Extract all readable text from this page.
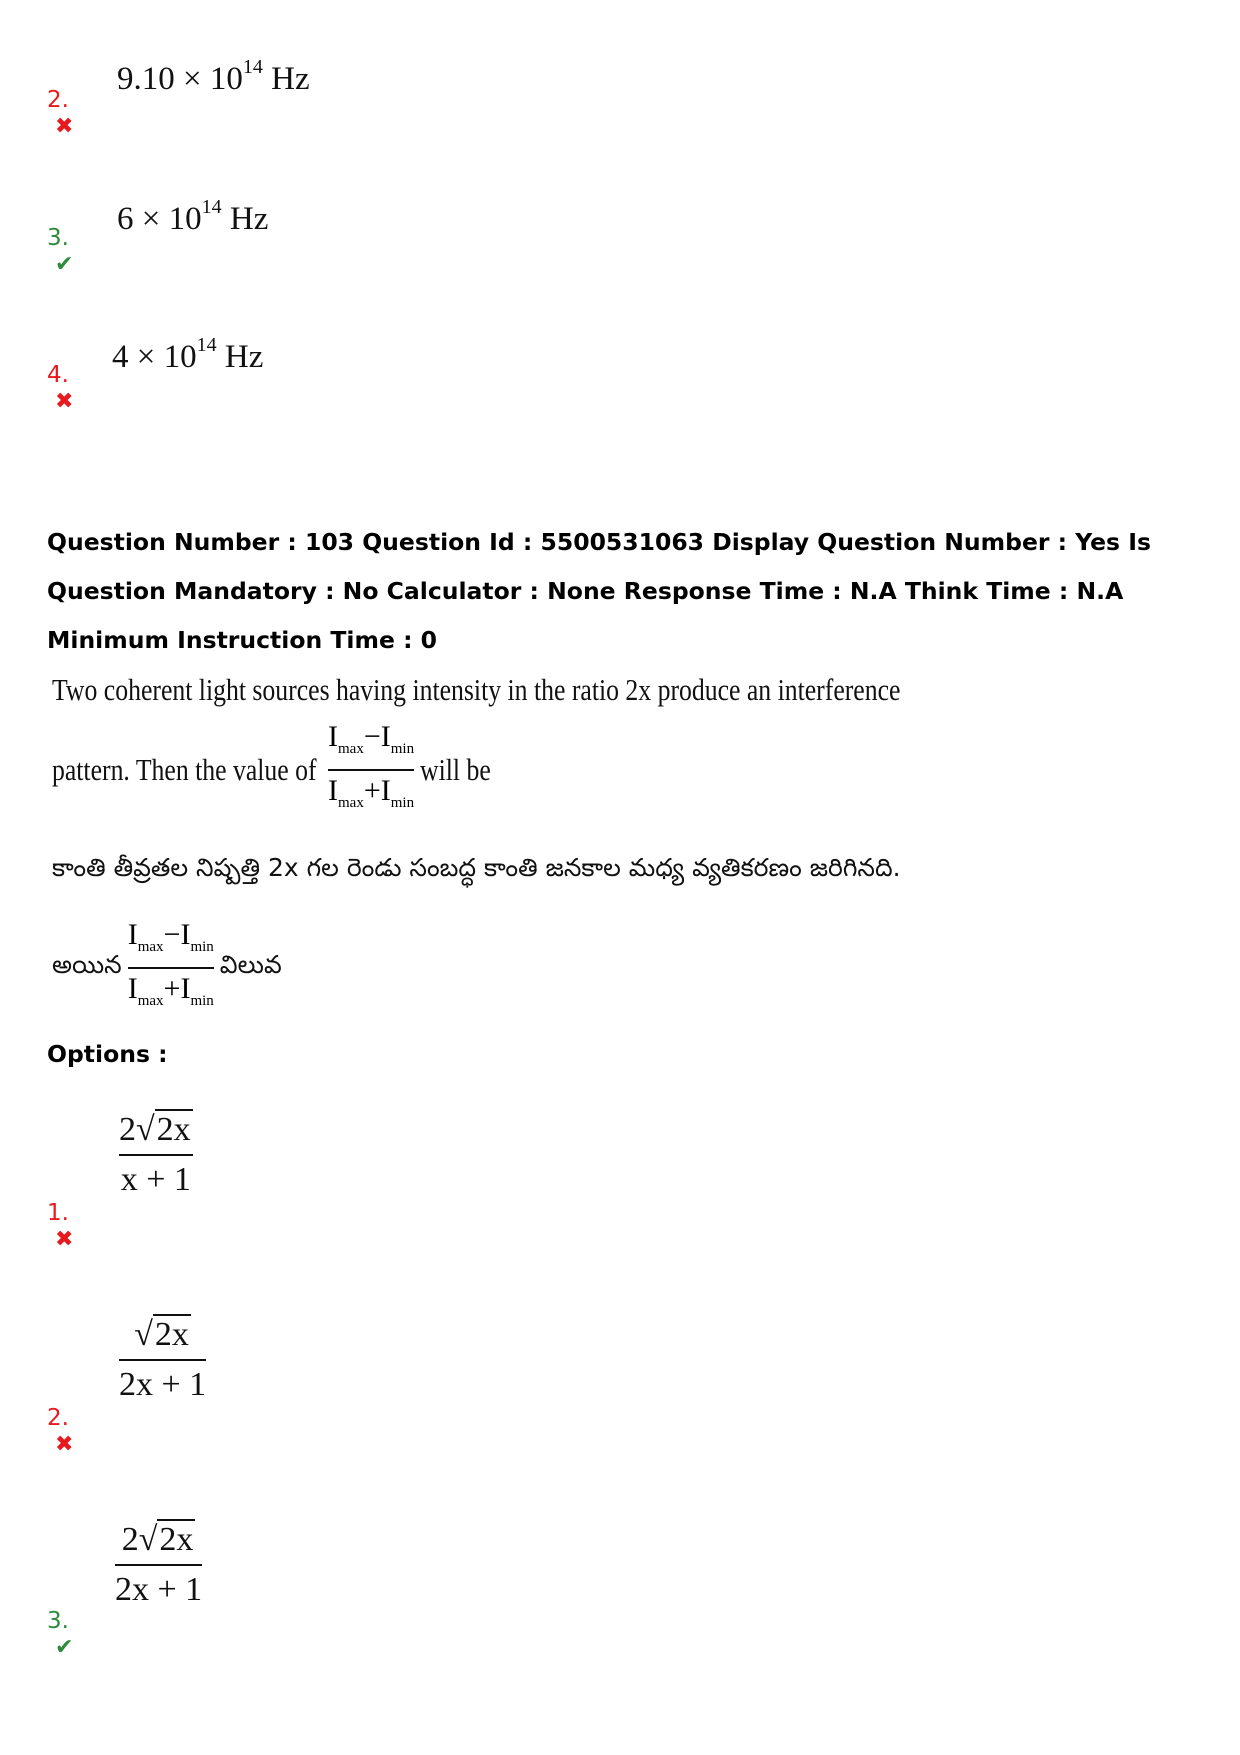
2.✖
$9.10 \times 10^{14}$ Hz
3.✔
$6 \times 10^{14}$ Hz
4.✖
$4 \times 10^{14}$ Hz
Question Number : 103 Question Id : 5500531063 Display Question Number : Yes Is Question Mandatory : No Calculator : None Response Time : N.A Think Time : N.A Minimum Instruction Time : 0
Two coherent light sources having intensity in the ratio 2x produce an interference
pattern. Then the value of $\frac{I_{max}-I_{min}}{I_{max}+I_{min}}$ will be
కాంతి తీవ్రతల నిష్పత్తి 2x గల రెండు సంబద్ధ కాంతి జనకాల మధ్య వ్యతికరణం జరిగినది.
అయిన $\frac{I_{max}-I_{min}}{I_{max}+I_{min}}$ విలువ
Options :
1.✖
2√2x
x + 1
2.✖
√2x
2x + 1
3.✔
2√2x
2x + 1
